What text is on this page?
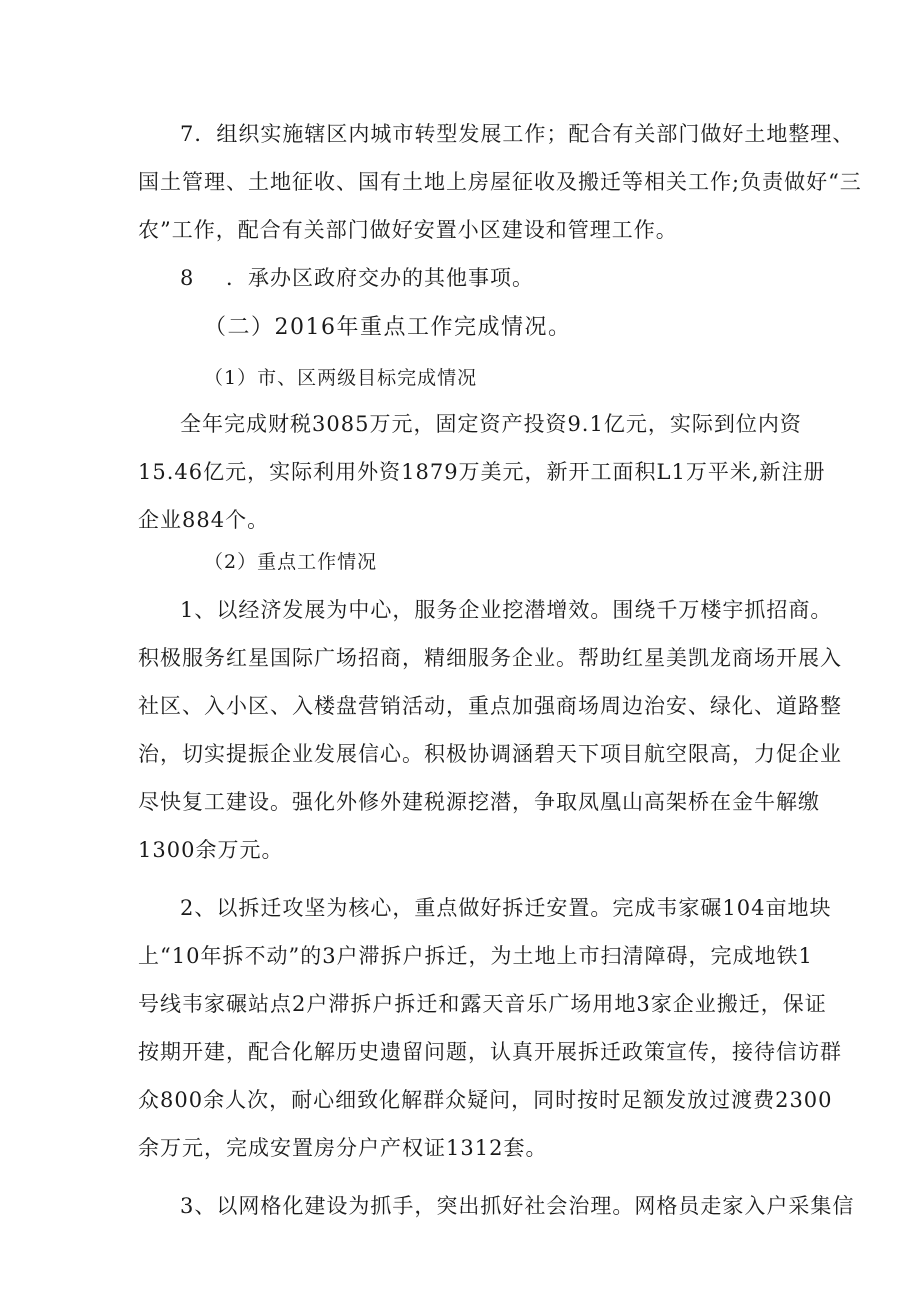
7．组织实施辖区内城市转型发展工作；配合有关部门做好土地整理、
国土管理、土地征收、国有土地上房屋征收及搬迁等相关工作;负责做好“三
农”工作，配合有关部门做好安置小区建设和管理工作。
8 ．承办区政府交办的其他事项。
（二）2016年重点工作完成情况。
（1）市、区两级目标完成情况
全年完成财税3085万元，固定资产投资9.1亿元，实际到位内资
15.46亿元，实际利用外资1879万美元，新开工面积L1万平米,新注册
企业884个。
（2）重点工作情况
1、以经济发展为中心，服务企业挖潜增效。围绕千万楼宇抓招商。
积极服务红星国际广场招商，精细服务企业。帮助红星美凯龙商场开展入
社区、入小区、入楼盘营销活动，重点加强商场周边治安、绿化、道路整
治，切实提振企业发展信心。积极协调涵碧天下项目航空限高，力促企业
尽快复工建设。强化外修外建税源挖潜，争取凤凰山高架桥在金牛解缴
1300余万元。
2、以拆迁攻坚为核心，重点做好拆迁安置。完成韦家碾104亩地块
上“10年拆不动”的3户滞拆户拆迁，为土地上市扫清障碍，完成地铁1
号线韦家碾站点2户滞拆户拆迁和露天音乐广场用地3家企业搬迁，保证
按期开建，配合化解历史遗留问题，认真开展拆迁政策宣传，接待信访群
众800余人次，耐心细致化解群众疑问，同时按时足额发放过渡费2300
余万元，完成安置房分户产权证1312套。
3、以网格化建设为抓手，突出抓好社会治理。网格员走家入户采集信
